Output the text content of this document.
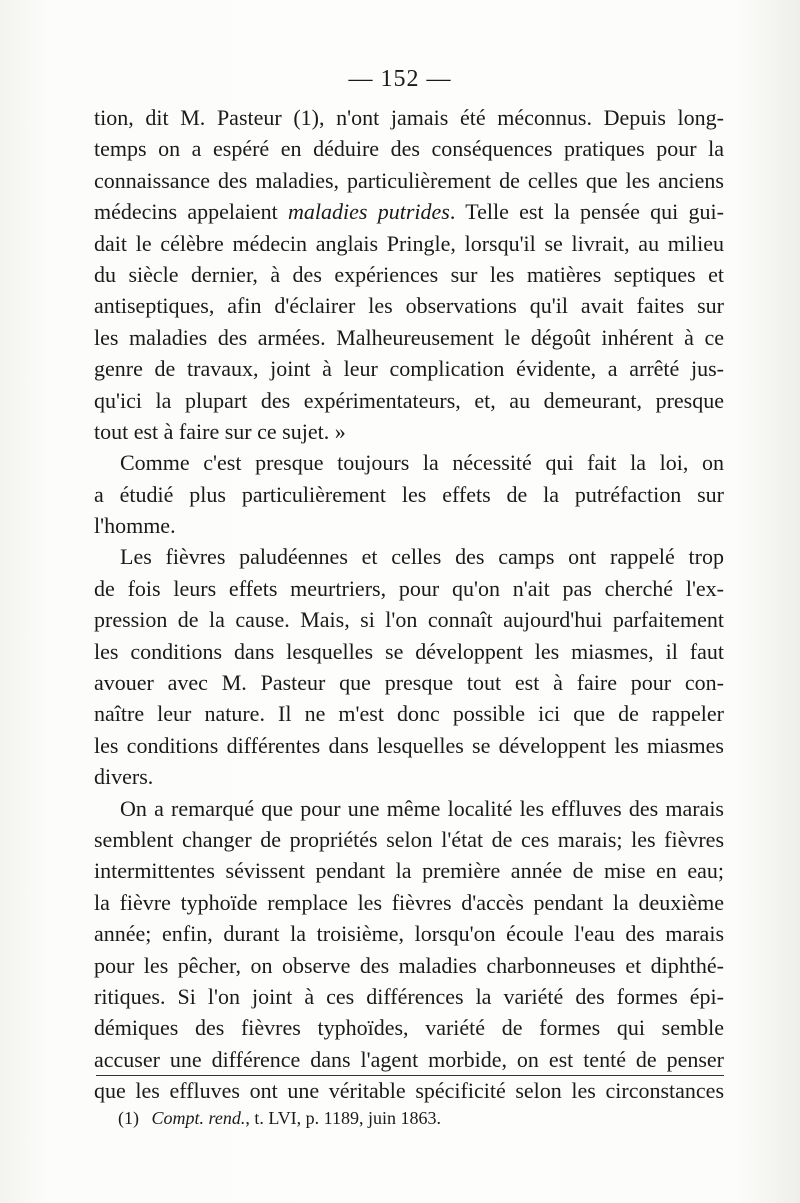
— 152 —
tion, dit M. Pasteur (1), n'ont jamais été méconnus. Depuis long-
temps on a espéré en déduire des conséquences pratiques pour la
connaissance des maladies, particulièrement de celles que les anciens
médecins appelaient maladies putrides. Telle est la pensée qui gui-
dait le célèbre médecin anglais Pringle, lorsqu'il se livrait, au milieu
du siècle dernier, à des expériences sur les matières septiques et
antiseptiques, afin d'éclairer les observations qu'il avait faites sur
les maladies des armées. Malheureusement le dégoût inhérent à ce
genre de travaux, joint à leur complication évidente, a arrêté jus-
qu'ici la plupart des expérimentateurs, et, au demeurant, presque
tout est à faire sur ce sujet. »
Comme c'est presque toujours la nécessité qui fait la loi, on
a étudié plus particulièrement les effets de la putréfaction sur
l'homme.
Les fièvres paludéennes et celles des camps ont rappelé trop
de fois leurs effets meurtriers, pour qu'on n'ait pas cherché l'ex-
pression de la cause. Mais, si l'on connaît aujourd'hui parfaitement
les conditions dans lesquelles se développent les miasmes, il faut
avouer avec M. Pasteur que presque tout est à faire pour con-
naître leur nature. Il ne m'est donc possible ici que de rappeler
les conditions différentes dans lesquelles se développent les miasmes
divers.
On a remarqué que pour une même localité les effluves des marais
semblent changer de propriétés selon l'état de ces marais; les fièvres
intermittentes sévissent pendant la première année de mise en eau;
la fièvre typhoïde remplace les fièvres d'accès pendant la deuxième
année; enfin, durant la troisième, lorsqu'on écoule l'eau des marais
pour les pêcher, on observe des maladies charbonneuses et diphthé-
ritiques. Si l'on joint à ces différences la variété des formes épi-
démiques des fièvres typhoïdes, variété de formes qui semble
accuser une différence dans l'agent morbide, on est tenté de penser
que les effluves ont une véritable spécificité selon les circonstances
(1) Compt. rend., t. LVI, p. 1189, juin 1863.
